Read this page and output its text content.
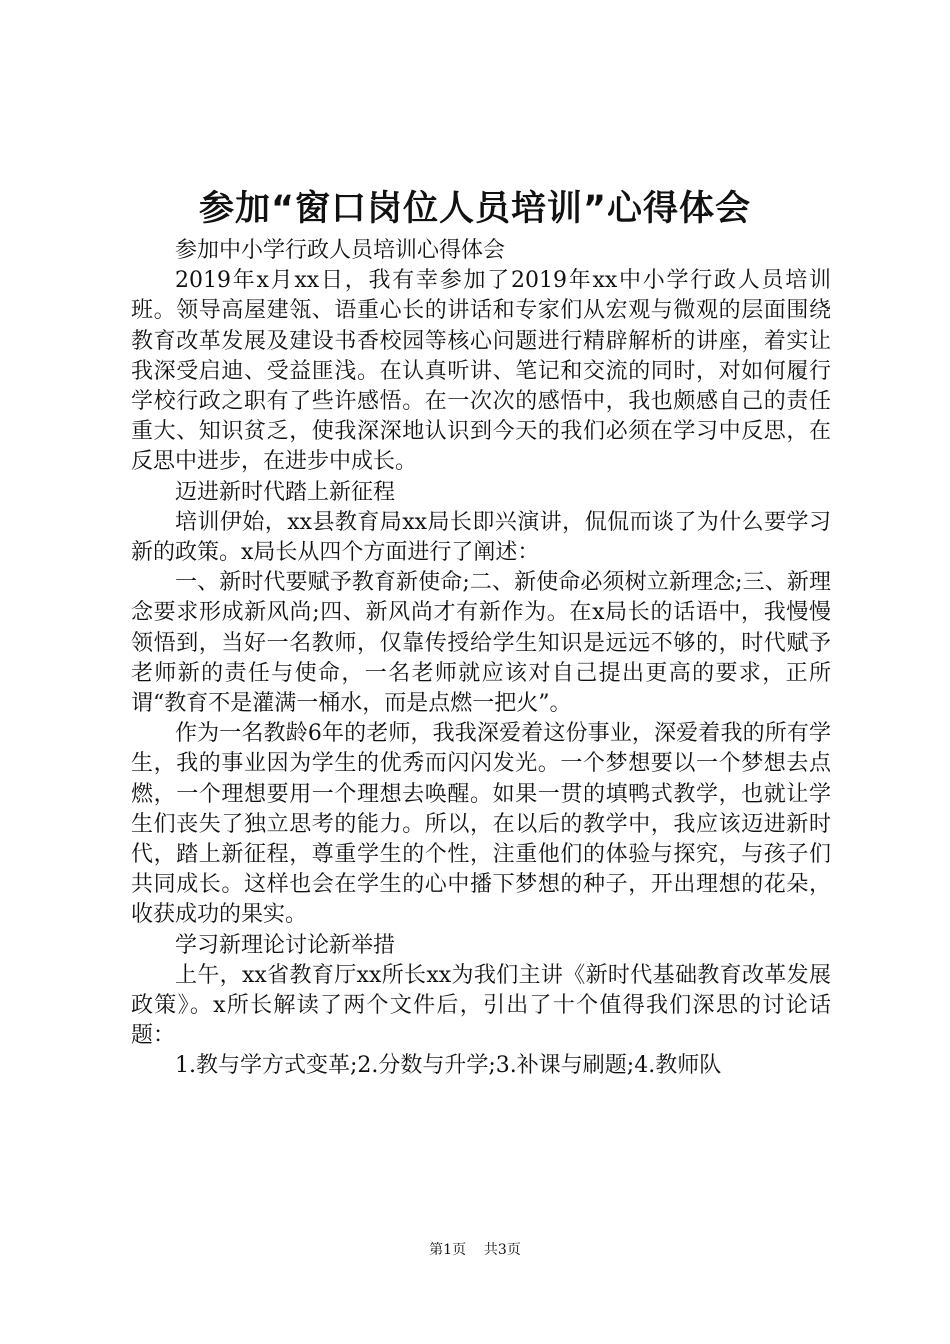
参加“窗口岗位人员培训”心得体会

参加中小学行政人员培训心得体会

2019年x月xx日，我有幸参加了2019年xx中小学行政人员培训班。领导高屋建瓴、语重心长的讲话和专家们从宏观与微观的层面围绕教育改革发展及建设书香校园等核心问题进行精辟解析的讲座，着实让我深受启迪、受益匪浅。在认真听讲、笔记和交流的同时，对如何履行学校行政之职有了些许感悟。在一次次的感悟中，我也颇感自己的责任重大、知识贫乏，使我深深地认识到今天的我们必须在学习中反思，在反思中进步，在进步中成长。

迈进新时代踏上新征程

培训伊始，xx县教育局xx局长即兴演讲，侃侃而谈了为什么要学习新的政策。x局长从四个方面进行了阐述：

一、新时代要赋予教育新使命;二、新使命必须树立新理念;三、新理念要求形成新风尚;四、新风尚才有新作为。在x局长的话语中，我慢慢领悟到，当好一名教师，仅靠传授给学生知识是远远不够的，时代赋予老师新的责任与使命，一名老师就应该对自己提出更高的要求，正所谓“教育不是灌满一桶水，而是点燃一把火”。

作为一名教龄6年的老师，我我深爱着这份事业，深爱着我的所有学生，我的事业因为学生的优秀而闪闪发光。一个梦想要以一个梦想去点燃，一个理想要用一个理想去唤醒。如果一贯的填鸭式教学，也就让学生们丧失了独立思考的能力。所以，在以后的教学中，我应该迈进新时代，踏上新征程，尊重学生的个性，注重他们的体验与探究，与孩子们共同成长。这样也会在学生的心中播下梦想的种子，开出理想的花朵，收获成功的果实。

学习新理论讨论新举措

上午，xx省教育厅xx所长xx为我们主讲《新时代基础教育改革发展政策》。x所长解读了两个文件后，引出了十个值得我们深思的讨论话题：

1.教与学方式变革;2.分数与升学;3.补课与刷题;4.教师队

第1页 共3页
